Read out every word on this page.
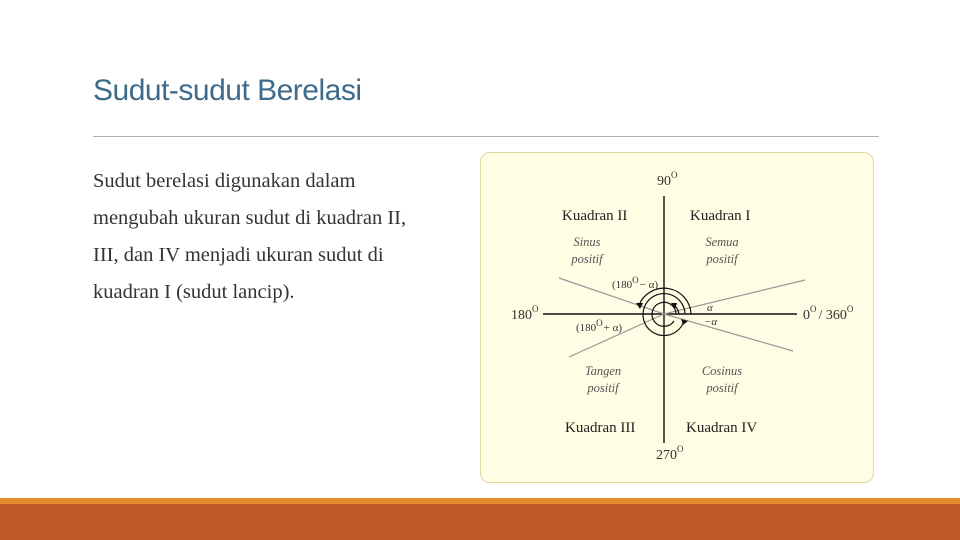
Sudut-sudut Berelasi
Sudut berelasi digunakan dalam mengubah ukuran sudut di kuadran II, III, dan IV menjadi ukuran sudut di kuadran I (sudut lancip).
Kuadran II	Kuadran I
Kuadran III	Kuadran IV
Sinus
positif
Semua
positif
Tangen
positif
Cosinus
positif
$90^O$
$180^O$
$270^O$
$0^O / 360^O$
$(180^O- \alpha)$
$(180^O+ \alpha)$
α
−α
